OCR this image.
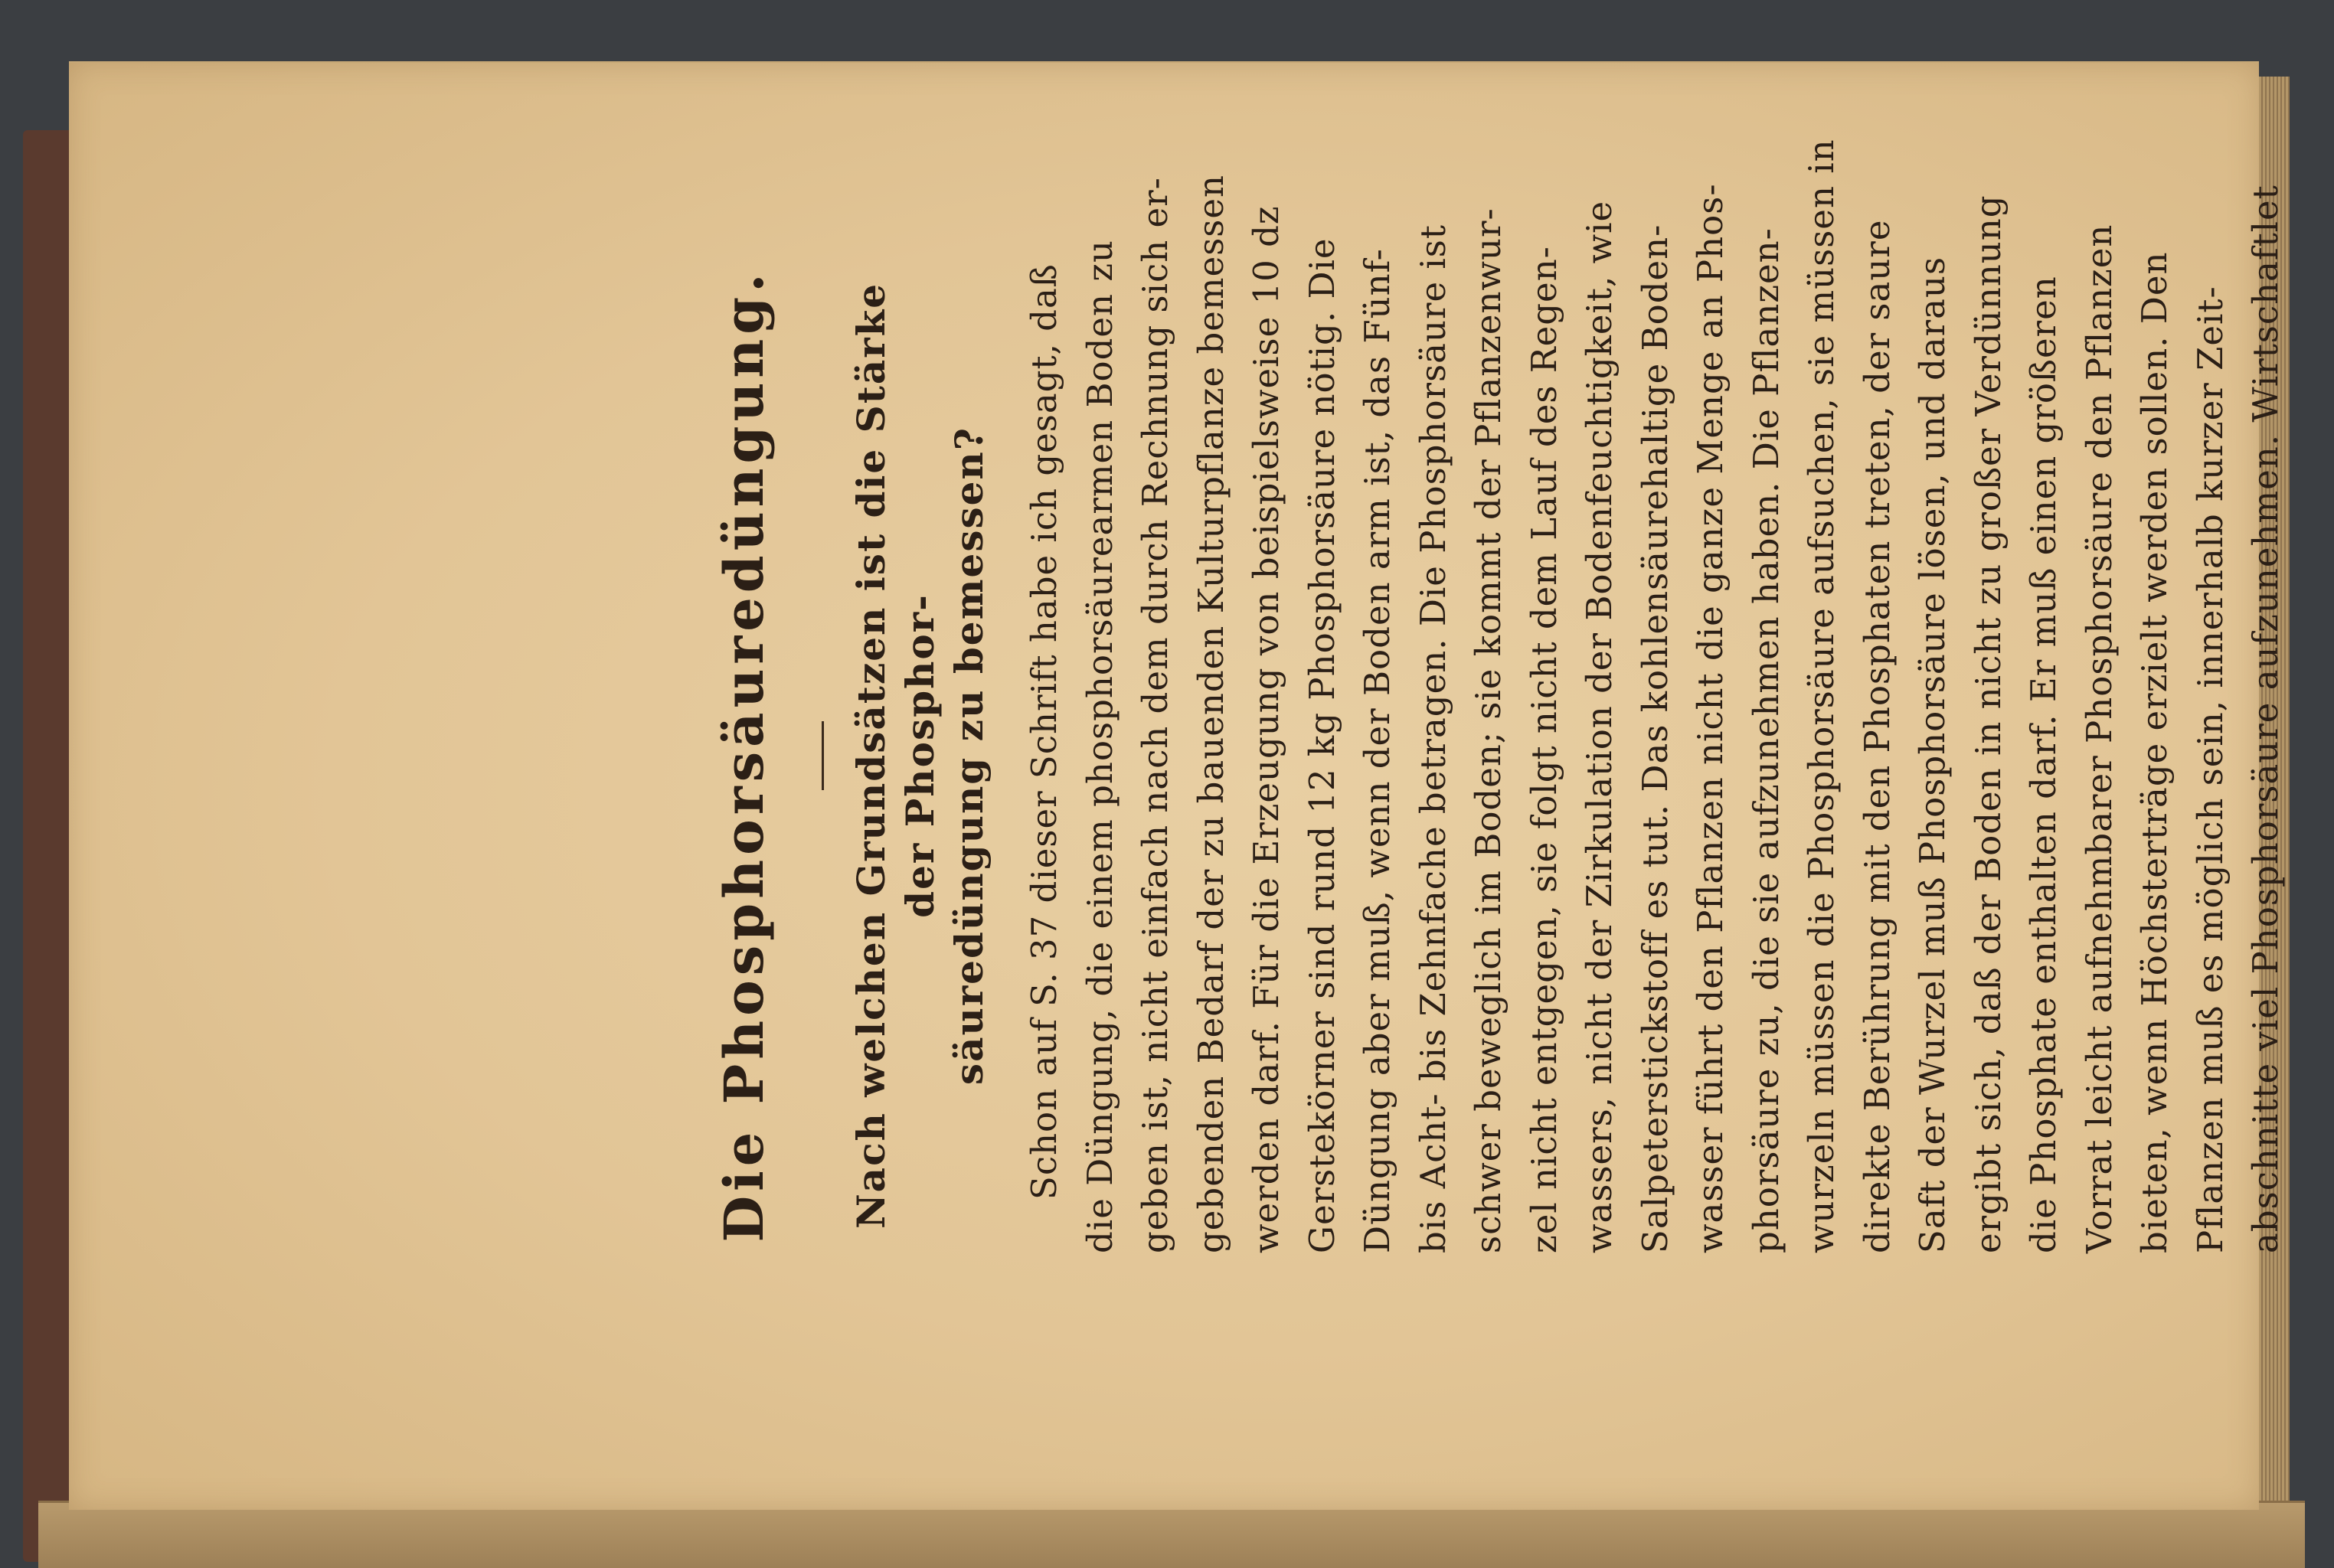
Die Phosphorsäuredüngung. Nach welchen Grundsätzen ist die Stärke der Phosphor- säuredüngung zu bemessen? Schon auf S. 37 dieser Schrift habe ich gesagt, daß die Düngung, die einem phosphorsäurearmen Boden zu geben ist, nicht einfach nach dem durch Rechnung sich er- gebenden Bedarf der zu bauenden Kulturpflanze bemessen werden darf. Für die Erzeugung von beispielsweise 10 dz Gerstekörner sind rund 12 kg Phosphorsäure nötig. Die Düngung aber muß, wenn der Boden arm ist, das Fünf- bis Acht- bis Zehnfache betragen. Die Phosphorsäure ist schwer beweglich im Boden; sie kommt der Pflanzenwur- zel nicht entgegen, sie folgt nicht dem Lauf des Regen- wassers, nicht der Zirkulation der Bodenfeuchtigkeit, wie Salpeterstickstoff es tut. Das kohlensäurehaltige Boden- wasser führt den Pflanzen nicht die ganze Menge an Phos- phorsäure zu, die sie aufzunehmen haben. Die Pflanzen- wurzeln müssen die Phosphorsäure aufsuchen, sie müssen in direkte Berührung mit den Phosphaten treten, der saure Saft der Wurzel muß Phosphorsäure lösen, und daraus ergibt sich, daß der Boden in nicht zu großer Verdünnung die Phosphate enthalten darf. Er muß einen größeren Vorrat leicht aufnehmbarer Phosphorsäure den Pflanzen bieten, wenn Höchsterträge erzielt werden sollen. Den Pflanzen muß es möglich sein, innerhalb kurzer Zeit- abschnitte viel Phosphorsäure aufzunehmen. Wirtschaftlet
